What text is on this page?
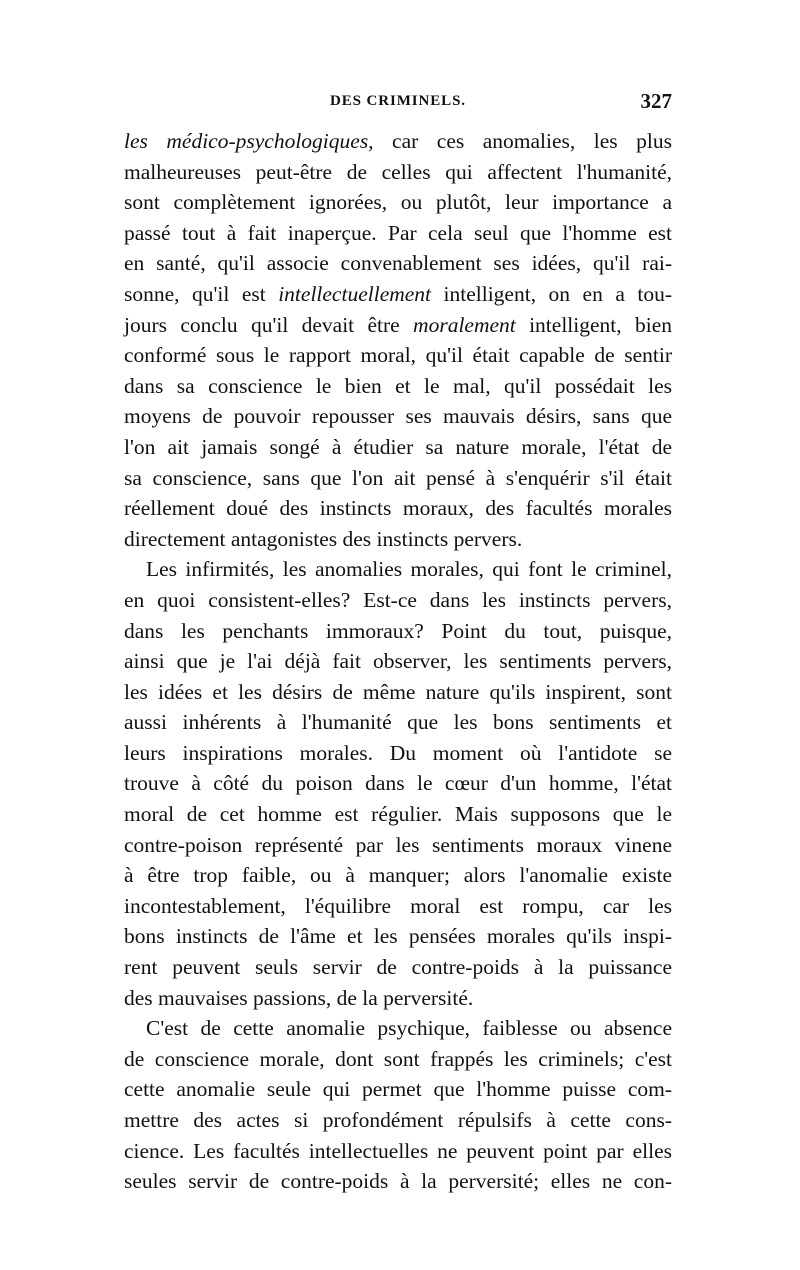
DES CRIMINELS.	327
les médico-psychologiques, car ces anomalies, les plus
malheureuses peut-être de celles qui affectent l'humanité,
sont complètement ignorées, ou plutôt, leur importance a
passé tout à fait inaperçue. Par cela seul que l'homme est
en santé, qu'il associe convenablement ses idées, qu'il rai-
sonne, qu'il est intellectuellement intelligent, on en a tou-
jours conclu qu'il devait être moralement intelligent, bien
conformé sous le rapport moral, qu'il était capable de sentir
dans sa conscience le bien et le mal, qu'il possédait les
moyens de pouvoir repousser ses mauvais désirs, sans que
l'on ait jamais songé à étudier sa nature morale, l'état de
sa conscience, sans que l'on ait pensé à s'enquérir s'il était
réellement doué des instincts moraux, des facultés morales
directement antagonistes des instincts pervers.
Les infirmités, les anomalies morales, qui font le criminel,
en quoi consistent-elles? Est-ce dans les instincts pervers,
dans les penchants immoraux? Point du tout, puisque,
ainsi que je l'ai déjà fait observer, les sentiments pervers,
les idées et les désirs de même nature qu'ils inspirent, sont
aussi inhérents à l'humanité que les bons sentiments et
leurs inspirations morales. Du moment où l'antidote se
trouve à côté du poison dans le cœur d'un homme, l'état
moral de cet homme est régulier. Mais supposons que le
contre-poison représenté par les sentiments moraux vinene
à être trop faible, ou à manquer; alors l'anomalie existe
incontestablement, l'équilibre moral est rompu, car les
bons instincts de l'âme et les pensées morales qu'ils inspi-
rent peuvent seuls servir de contre-poids à la puissance
des mauvaises passions, de la perversité.
C'est de cette anomalie psychique, faiblesse ou absence
de conscience morale, dont sont frappés les criminels; c'est
cette anomalie seule qui permet que l'homme puisse com-
mettre des actes si profondément répulsifs à cette cons-
cience. Les facultés intellectuelles ne peuvent point par elles
seules servir de contre-poids à la perversité; elles ne con-
